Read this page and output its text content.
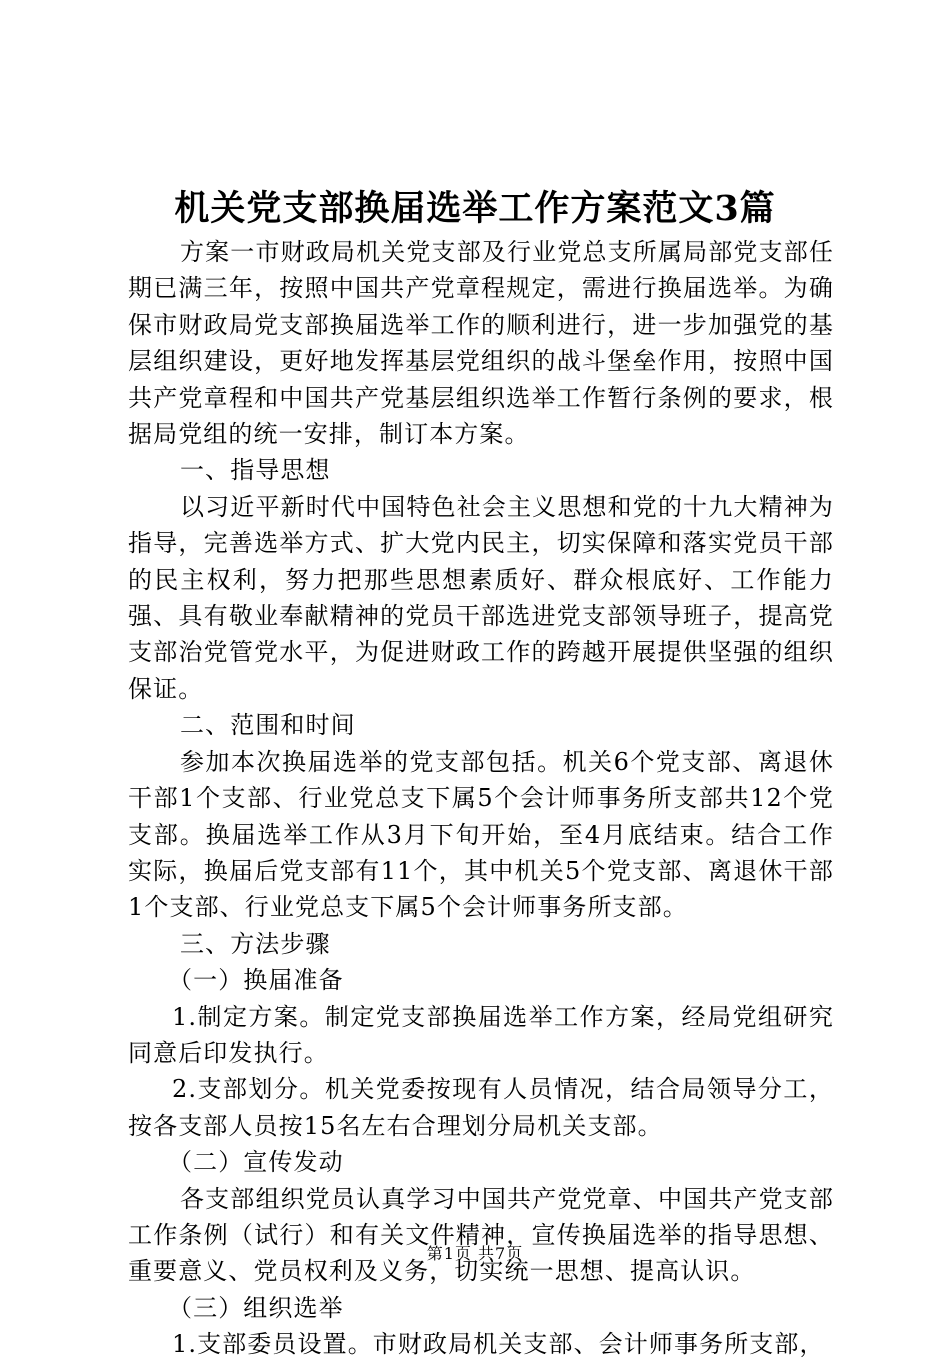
机关党支部换届选举工作方案范文3篇

方案一市财政局机关党支部及行业党总支所属局部党支部任期已满三年，按照中国共产党章程规定，需进行换届选举。为确保市财政局党支部换届选举工作的顺利进行，进一步加强党的基层组织建设，更好地发挥基层党组织的战斗堡垒作用，按照中国共产党章程和中国共产党基层组织选举工作暂行条例的要求，根据局党组的统一安排，制订本方案。

一、指导思想

以习近平新时代中国特色社会主义思想和党的十九大精神为指导，完善选举方式、扩大党内民主，切实保障和落实党员干部的民主权利，努力把那些思想素质好、群众根底好、工作能力强、具有敬业奉献精神的党员干部选进党支部领导班子，提高党支部治党管党水平，为促进财政工作的跨越开展提供坚强的组织保证。

二、范围和时间

参加本次换届选举的党支部包括。机关6个党支部、离退休干部1个支部、行业党总支下属5个会计师事务所支部共12个党支部。换届选举工作从3月下旬开始，至4月底结束。结合工作实际，换届后党支部有11个，其中机关5个党支部、离退休干部1个支部、行业党总支下属5个会计师事务所支部。

三、方法步骤

（一）换届准备

1.制定方案。制定党支部换届选举工作方案，经局党组研究同意后印发执行。

2.支部划分。机关党委按现有人员情况，结合局领导分工，按各支部人员按15名左右合理划分局机关支部。

（二）宣传发动

各支部组织党员认真学习中国共产党党章、中国共产党支部工作条例（试行）和有关文件精神，宣传换届选举的指导思想、重要意义、党员权利及义务，切实统一思想、提高认识。

（三）组织选举

1.支部委员设置。市财政局机关支部、会计师事务所支部，

第1页 共7页
